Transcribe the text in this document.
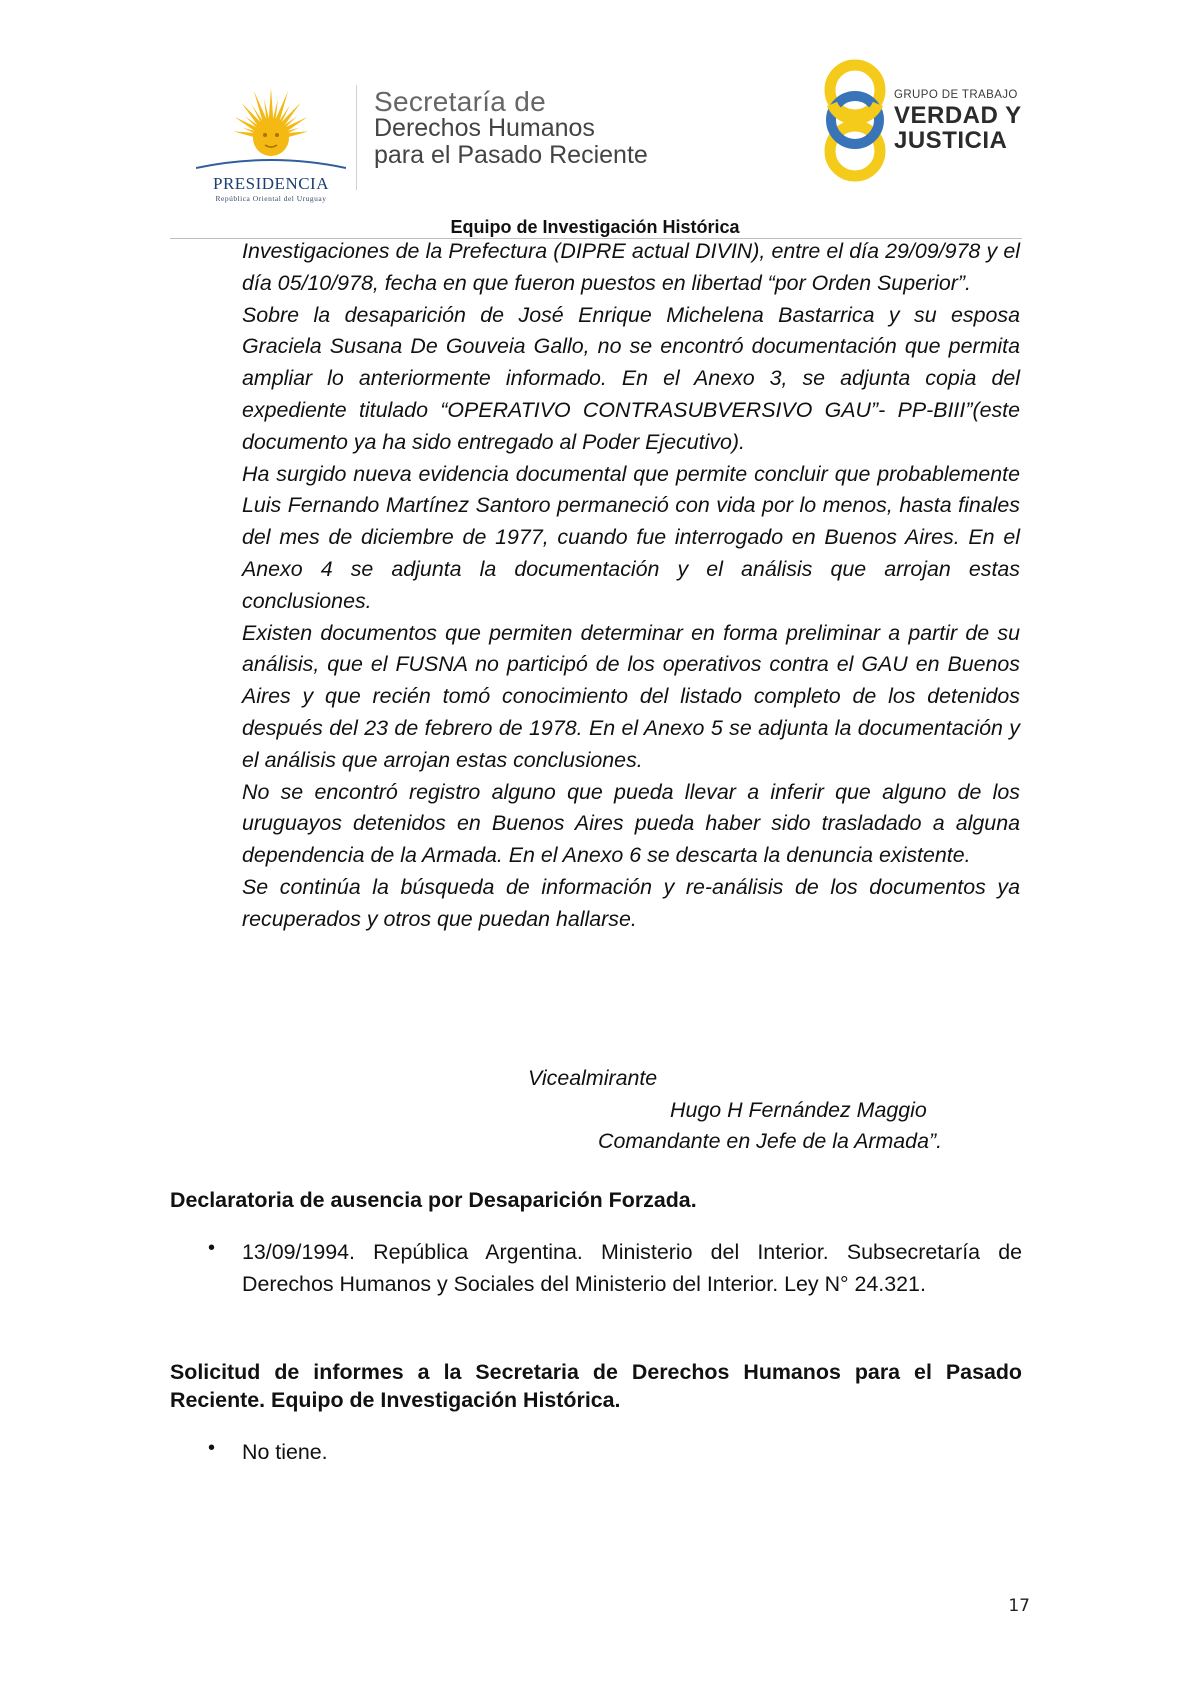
PRESIDENCIA
República Oriental del Uruguay
Secretaría de
Derechos Humanos
para el Pasado Reciente
GRUPO DE TRABAJO
VERDAD Y
JUSTICIA
Equipo de Investigación Histórica

Investigaciones de la Prefectura (DIPRE actual DIVIN), entre el día 29/09/978 y el día 05/10/978, fecha en que fueron puestos en libertad “por Orden Superior”.

Sobre la desaparición de José Enrique Michelena Bastarrica y su esposa Graciela Susana De Gouveia Gallo, no se encontró documentación que permita ampliar lo anteriormente informado. En el Anexo 3, se adjunta copia del expediente titulado “OPERATIVO CONTRASUBVERSIVO GAU”- PP-BIII”(este documento ya ha sido entregado al Poder Ejecutivo).

Ha surgido nueva evidencia documental que permite concluir que probablemente Luis Fernando Martínez Santoro permaneció con vida por lo menos, hasta finales del mes de diciembre de 1977, cuando fue interrogado en Buenos Aires. En el Anexo 4 se adjunta la documentación y el análisis que arrojan estas conclusiones.

Existen documentos que permiten determinar en forma preliminar a partir de su análisis, que el FUSNA no participó de los operativos contra el GAU en Buenos Aires y que recién tomó conocimiento del listado completo de los detenidos después del 23 de febrero de 1978. En el Anexo 5 se adjunta la documentación y el análisis que arrojan estas conclusiones.

No se encontró registro alguno que pueda llevar a inferir que alguno de los uruguayos detenidos en Buenos Aires pueda haber sido trasladado a alguna dependencia de la Armada. En el Anexo 6 se descarta la denuncia existente.

Se continúa la búsqueda de información y re-análisis de los documentos ya recuperados y otros que puedan hallarse.

Vicealmirante
Hugo H Fernández Maggio
Comandante en Jefe de la Armada”.
Declaratoria de ausencia por Desaparición Forzada.
• 13/09/1994. República Argentina. Ministerio del Interior. Subsecretaría de Derechos Humanos y Sociales del Ministerio del Interior. Ley N° 24.321.
Solicitud de informes a la Secretaria de Derechos Humanos para el Pasado Reciente. Equipo de Investigación Histórica.
• No tiene.
17
